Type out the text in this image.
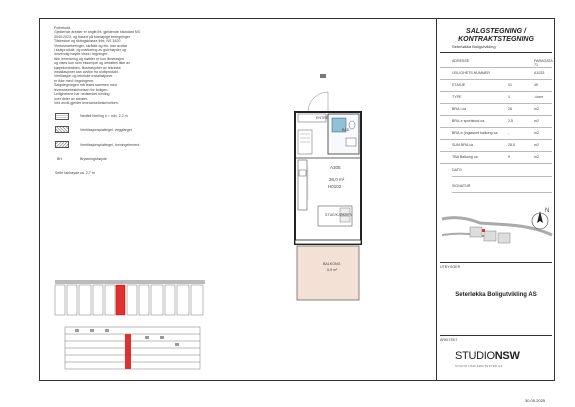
Forbehold
Gjeldende arealer er angitt iht. gjeldende standard NS
3940:2023, og basert på foreløpige beregninger.
Tilstrekkel og riktingsklasse ihht. NS 3420.
Vindusmarkeringer, skråtak og etc. kan avvike
i sluttprodukt, og markering av gulvhøyder og
innvendig høyde vises i tegninger.
Alle innredning og møbler er kun illustrasjon
og vises kun som eksempel og omfattes ikke av
kjøpekontrakten. Illustrasjoner av tekniske
installasjoner kan avvike fra sluttprodukt.
Ventilasjon og tekniske installasjoner
er ikke med i tegningene.
Salgstegningen må leses sammen med
leveransebeskrivelsen for boligen.
Leilighetene har nedsenket himling
over deler av arealet.
Ved avvik gjelder leveransebeskrivelsen.
Nedfelt himling h = min. 2,2 m
Ventilasjonsplattegel, veggfarget
Ventilasjonsplattegel, tonningelement
BH	Brystningshøyde
Sette takhøyde ca. 2,7 m
ENTRÉ
BAD
A305
26,0 m²
H0102
STUE/KJØKKEN
BALKONG
5,9 m²
SALGSTEGNING / KONTRAKTSTEGNING
Seterløkka Boligutvikling
ADRESSE	PARAGATA 71
LEILIGHETS NUMMER	A1033
ETASJE	01	4fl
TYPE	1	-/ome
BRA-i ca	26	m2
BRA-e sportsbod ca.	2,5	m2
BRA-b (inglasset balkong ca.	-	m2
SUM BRA ca	28,5	m2
TBA Balkong ca.	9	m2
DATO
SIGNATUR
N
UTBYGGER
Seterløkka Boligutvikling AS
ARKITEKT
STUDIONSW
STUDIO NSW ARKITEKTER AS
30.05.2025
